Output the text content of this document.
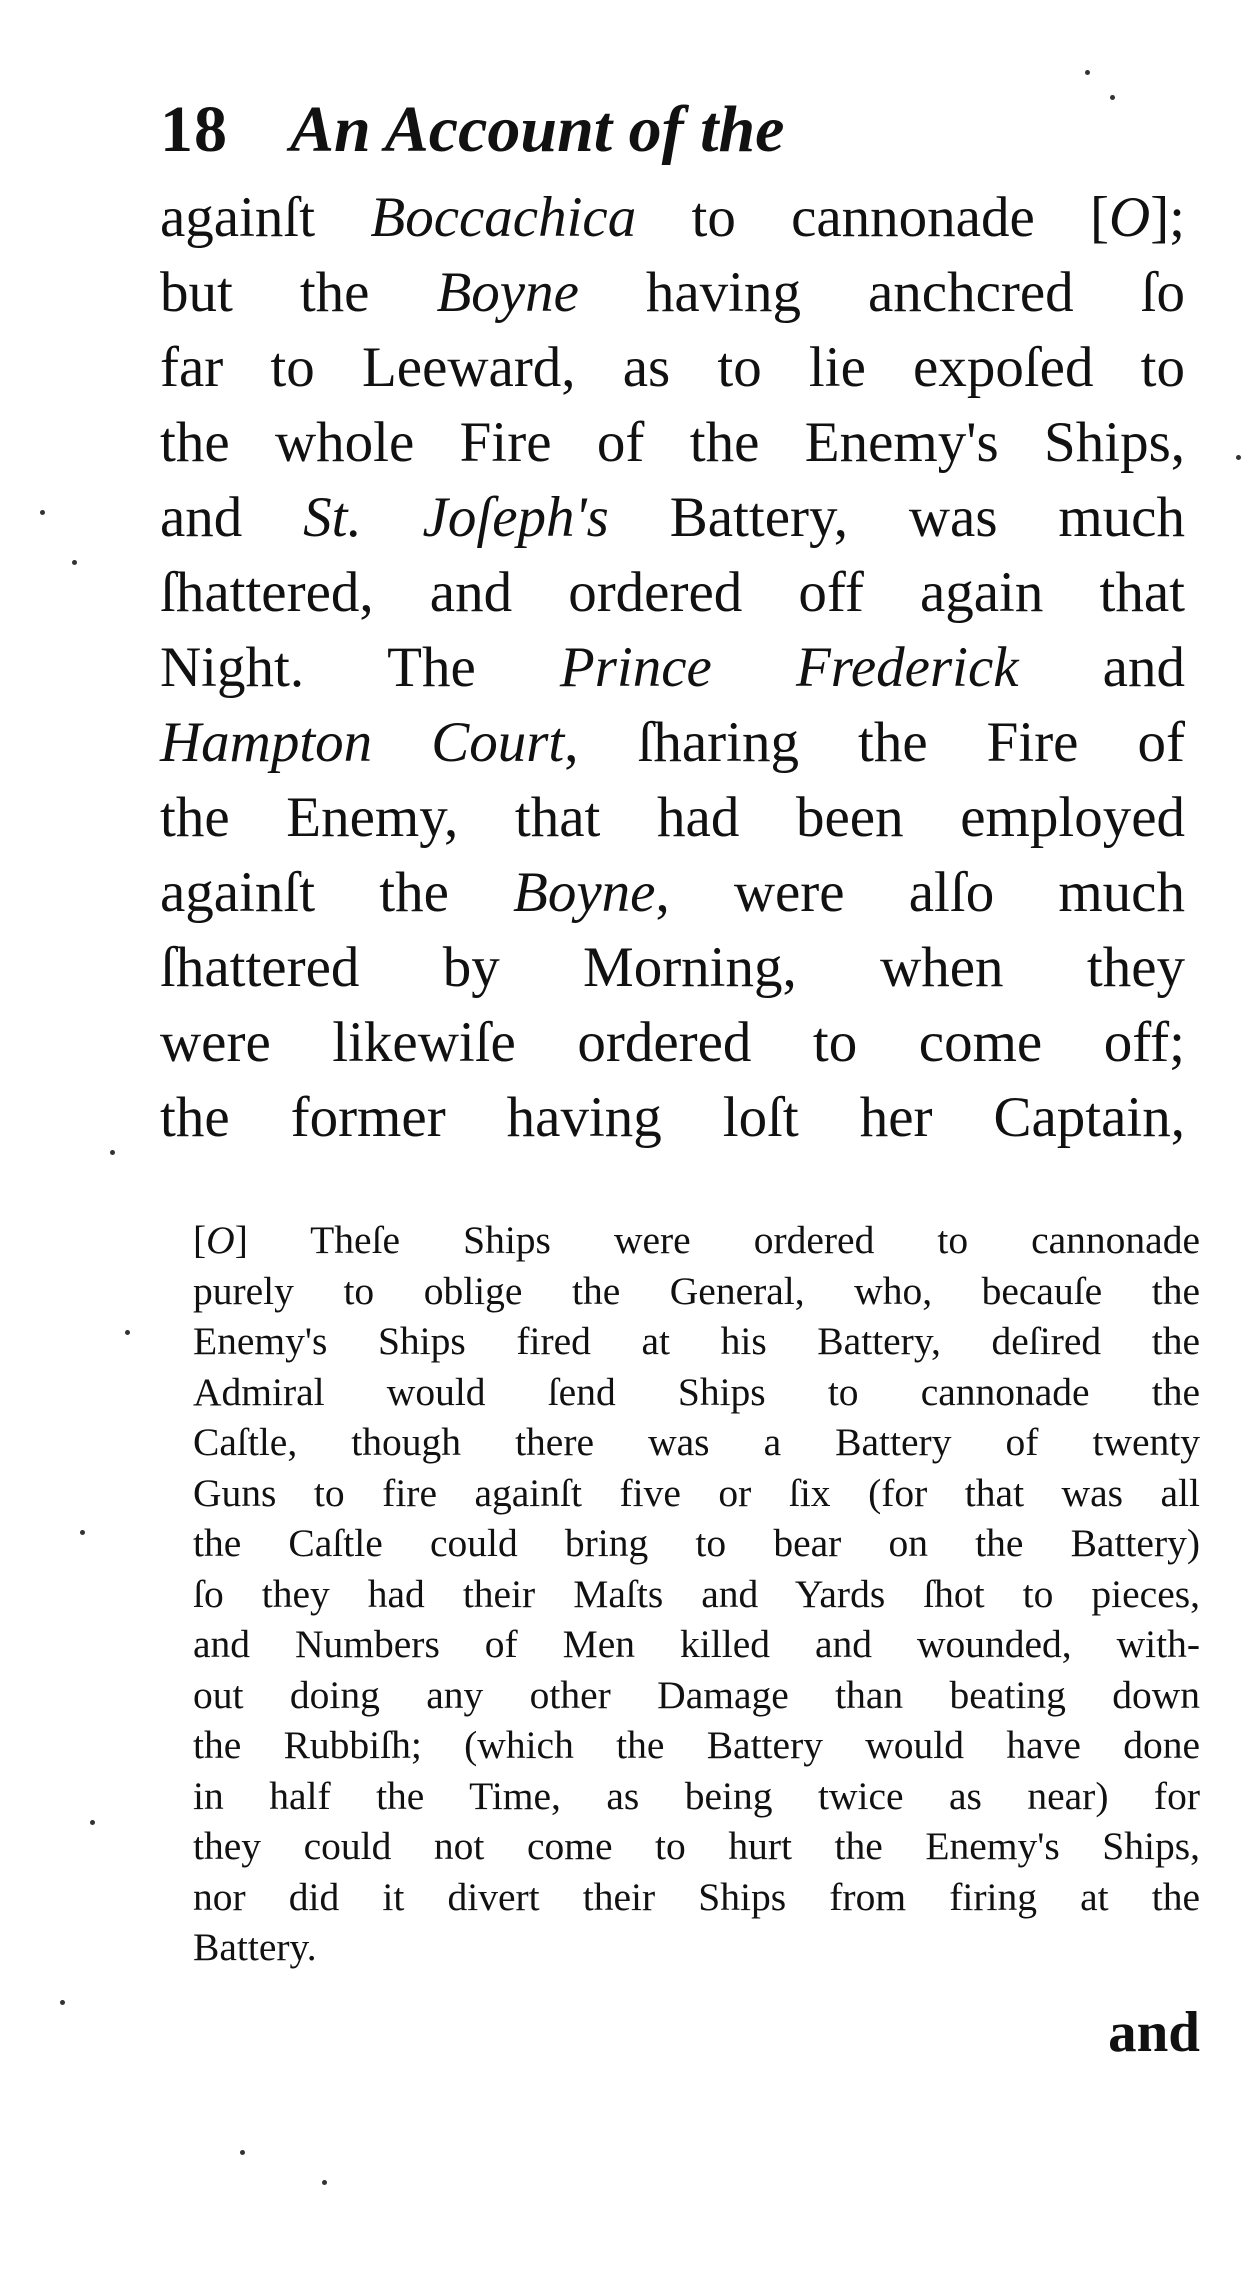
18 An Account of the
againſt Boccachica to cannonade [O];
but the Boyne having anchcred ſo
far to Leeward, as to lie expoſed to
the whole Fire of the Enemy's Ships,
and St. Joſeph's Battery, was much
ſhattered, and ordered off again that
Night. The Prince Frederick and
Hampton Court, ſharing the Fire of
the Enemy, that had been employed
againſt the Boyne, were alſo much
ſhattered by Morning, when they
were likewiſe ordered to come off;
the former having loſt her Captain,
[O] Theſe Ships were ordered to cannonade
purely to oblige the General, who, becauſe the
Enemy's Ships fired at his Battery, deſired the
Admiral would ſend Ships to cannonade the
Caſtle, though there was a Battery of twenty
Guns to fire againſt five or ſix (for that was all
the Caſtle could bring to bear on the Battery)
ſo they had their Maſts and Yards ſhot to pieces,
and Numbers of Men killed and wounded, with-
out doing any other Damage than beating down
the Rubbiſh; (which the Battery would have done
in half the Time, as being twice as near) for
they could not come to hurt the Enemy's Ships,
nor did it divert their Ships from firing at the
Battery.
and
